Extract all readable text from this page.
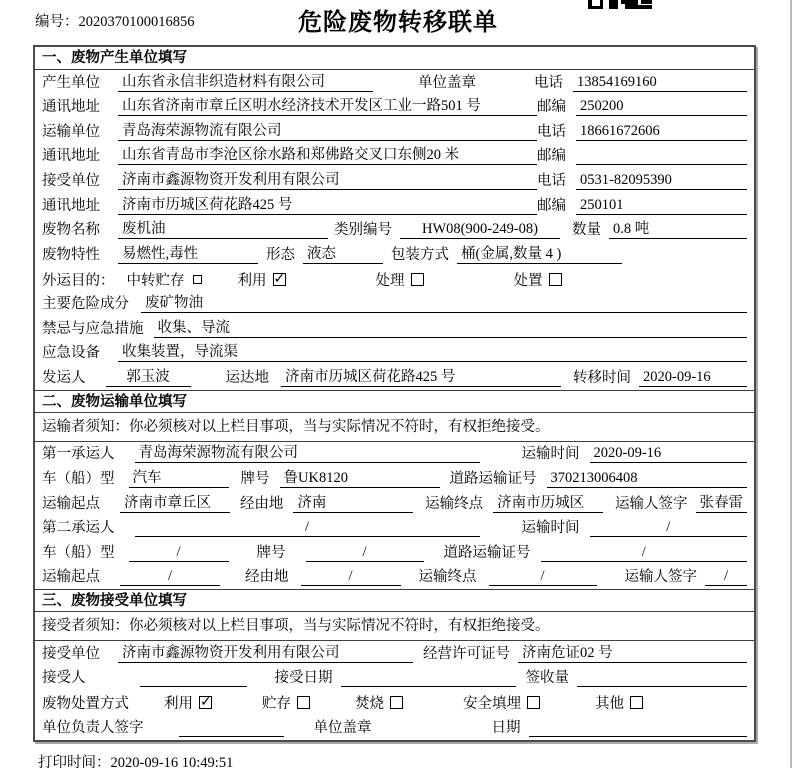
编号：2020370100016856	危险废物转移联单
一、废物产生单位填写
产生单位 山东省永信非织造材料有限公司	单位盖章	电话 13854169160
通讯地址 山东省济南市章丘区明水经济技术开发区工业一路501 号	邮编 250200
运输单位 青岛海荣源物流有限公司	电话 18661672606
通讯地址 山东省青岛市李沧区徐水路和郑佛路交叉口东侧20 米	邮编
接受单位 济南市鑫源物资开发利用有限公司	电话 0531-82095390
通讯地址 济南市历城区荷花路425 号	邮编 250101
废物名称 废机油	类别编号	HW08(900-249-08)	数量 0.8 吨
废物特性 易燃性,毒性	形态 液态	包装方式 桶(金属,数量 4 )
外运目的： 中转贮存	利用 ✓	处理	处置
主要危险成分 废矿物油
禁忌与应急措施 收集、导流
应急设备 收集装置，导流渠
发运人	郭玉波	运达地 济南市历城区荷花路425 号	转移时间 2020-09-16
二、废物运输单位填写
运输者须知：你必须核对以上栏目事项，当与实际情况不符时，有权拒绝接受。
第一承运人 青岛海荣源物流有限公司	运输时间 2020-09-16
车（船）型 汽车	牌号 鲁UK8120	道路运输证号 370213006408
运输起点 济南市章丘区	经由地 济南	运输终点 济南市历城区	运输人签字 张春雷
第二承运人	/	运输时间	/
车（船）型	/	牌号	/	道路运输证号	/
运输起点	/	经由地	/	运输终点	/	运输人签字	/
三、废物接受单位填写
接受者须知：你必须核对以上栏目事项，当与实际情况不符时，有权拒绝接受。
接受单位 济南市鑫源物资开发利用有限公司	经营许可证号 济南危证02 号
接受人	接受日期	签收量
废物处置方式 利用 ✓	贮存	焚烧	安全填埋	其他
单位负责人签字	单位盖章	日期
打印时间：2020-09-16 10:49:51
